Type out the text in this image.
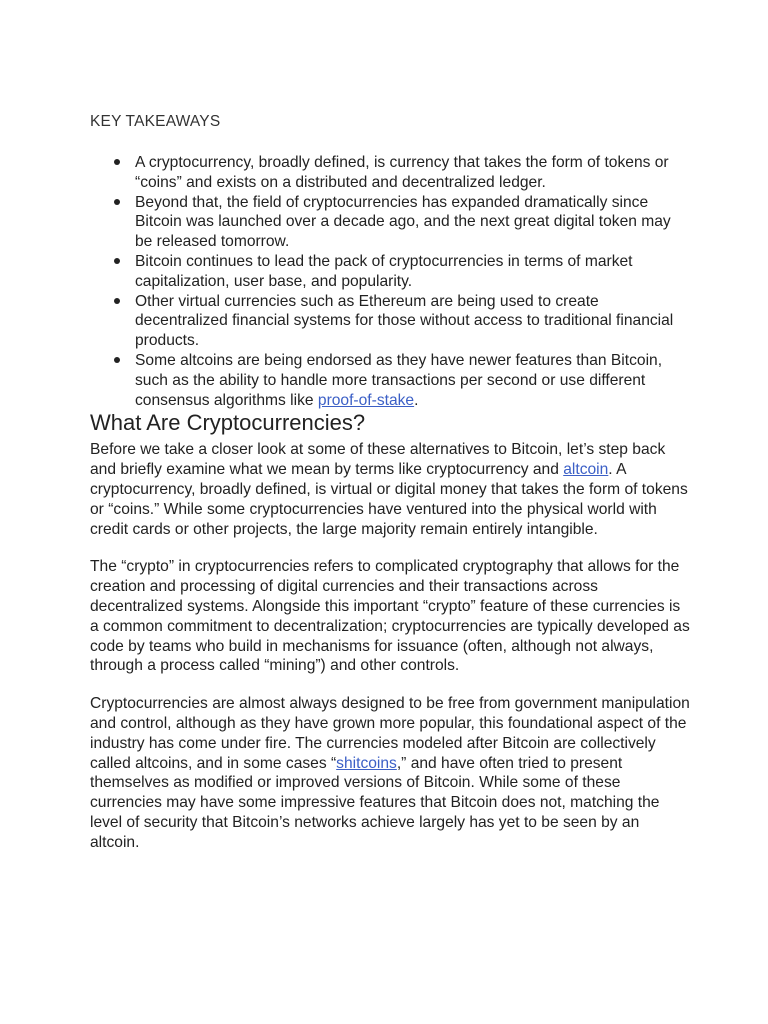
KEY TAKEAWAYS
A cryptocurrency, broadly defined, is currency that takes the form of tokens or “coins” and exists on a distributed and decentralized ledger.
Beyond that, the field of cryptocurrencies has expanded dramatically since Bitcoin was launched over a decade ago, and the next great digital token may be released tomorrow.
Bitcoin continues to lead the pack of cryptocurrencies in terms of market capitalization, user base, and popularity.
Other virtual currencies such as Ethereum are being used to create decentralized financial systems for those without access to traditional financial products.
Some altcoins are being endorsed as they have newer features than Bitcoin, such as the ability to handle more transactions per second or use different consensus algorithms like proof-of-stake.
What Are Cryptocurrencies?

Before we take a closer look at some of these alternatives to Bitcoin, let’s step back and briefly examine what we mean by terms like cryptocurrency and altcoin. A cryptocurrency, broadly defined, is virtual or digital money that takes the form of tokens or “coins.” While some cryptocurrencies have ventured into the physical world with credit cards or other projects, the large majority remain entirely intangible.

The “crypto” in cryptocurrencies refers to complicated cryptography that allows for the creation and processing of digital currencies and their transactions across decentralized systems. Alongside this important “crypto” feature of these currencies is a common commitment to decentralization; cryptocurrencies are typically developed as code by teams who build in mechanisms for issuance (often, although not always, through a process called “mining”) and other controls.

Cryptocurrencies are almost always designed to be free from government manipulation and control, although as they have grown more popular, this foundational aspect of the industry has come under fire. The currencies modeled after Bitcoin are collectively called altcoins, and in some cases “shitcoins,” and have often tried to present themselves as modified or improved versions of Bitcoin. While some of these currencies may have some impressive features that Bitcoin does not, matching the level of security that Bitcoin’s networks achieve largely has yet to be seen by an altcoin.
